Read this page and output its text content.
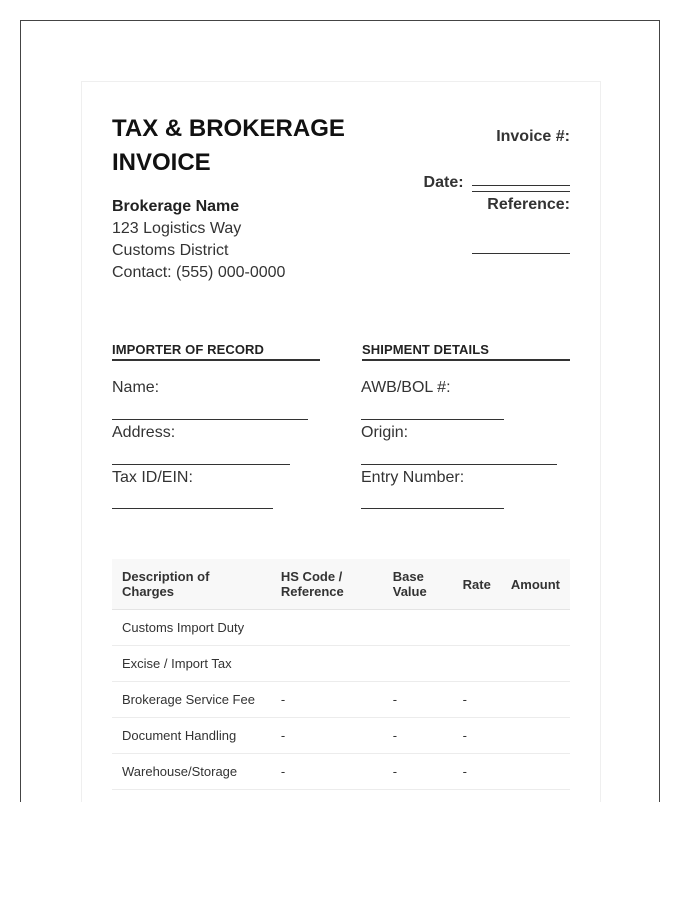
TAX & BROKERAGE INVOICE
Brokerage Name
123 Logistics Way
Customs District
Contact: (555) 000-0000
Invoice #:
Date:
Reference:
IMPORTER OF RECORD	SHIPMENT DETAILS
Name:
Address:
Tax ID/EIN:
AWB/BOL #:
Origin:
Entry Number:
Description of Charges	HS Code / Reference	Base Value	Rate	Amount
Customs Import Duty				
Excise / Import Tax				
Brokerage Service Fee	-	-	-	
Document Handling	-	-	-	
Warehouse/Storage	-	-	-	
